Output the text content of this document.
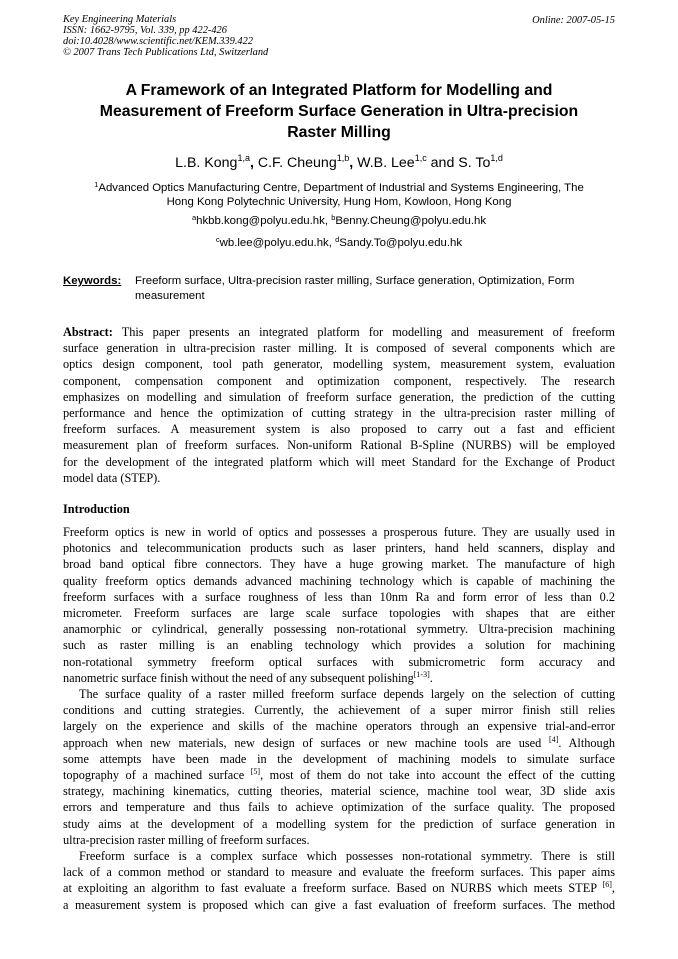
Key Engineering Materials
ISSN: 1662-9795, Vol. 339, pp 422-426
doi:10.4028/www.scientific.net/KEM.339.422
© 2007 Trans Tech Publications Ltd, Switzerland
Online: 2007-05-15
A Framework of an Integrated Platform for Modelling and
Measurement of Freeform Surface Generation in Ultra-precision
Raster Milling
L.B. Kong$^{1,a}$, C.F. Cheung$^{1,b}$, W.B. Lee$^{1,c}$ and S. To$^{1,d}$
$^1$Advanced Optics Manufacturing Centre, Department of Industrial and Systems Engineering, The
Hong Kong Polytechnic University, Hung Hom, Kowloon, Hong Kong
$^a$hkbb.kong@polyu.edu.hk, $^b$Benny.Cheung@polyu.edu.hk
$^c$wb.lee@polyu.edu.hk, $^d$Sandy.To@polyu.edu.hk
Keywords: Freeform surface, Ultra-precision raster milling, Surface generation, Optimization, Form
measurement
Abstract: This paper presents an integrated platform for modelling and measurement of freeform
surface generation in ultra-precision raster milling. It is composed of several components which are
optics design component, tool path generator, modelling system, measurement system, evaluation
component, compensation component and optimization component, respectively. The research
emphasizes on modelling and simulation of freeform surface generation, the prediction of the cutting
performance and hence the optimization of cutting strategy in the ultra-precision raster milling of
freeform surfaces. A measurement system is also proposed to carry out a fast and efficient
measurement plan of freeform surfaces. Non-uniform Rational B-Spline (NURBS) will be employed
for the development of the integrated platform which will meet Standard for the Exchange of Product
model data (STEP).
Introduction
Freeform optics is new in world of optics and possesses a prosperous future. They are usually used in
photonics and telecommunication products such as laser printers, hand held scanners, display and
broad band optical fibre connectors. They have a huge growing market. The manufacture of high
quality freeform optics demands advanced machining technology which is capable of machining the
freeform surfaces with a surface roughness of less than 10nm Ra and form error of less than 0.2
micrometer. Freeform surfaces are large scale surface topologies with shapes that are either
anamorphic or cylindrical, generally possessing non-rotational symmetry. Ultra-precision machining
such as raster milling is an enabling technology which provides a solution for machining
non-rotational symmetry freeform optical surfaces with submicrometric form accuracy and
nanometric surface finish without the need of any subsequent polishing[1-3].
The surface quality of a raster milled freeform surface depends largely on the selection of cutting
conditions and cutting strategies. Currently, the achievement of a super mirror finish still relies
largely on the experience and skills of the machine operators through an expensive trial-and-error
approach when new materials, new design of surfaces or new machine tools are used [4]. Although
some attempts have been made in the development of machining models to simulate surface
topography of a machined surface [5], most of them do not take into account the effect of the cutting
strategy, machining kinematics, cutting theories, material science, machine tool wear, 3D slide axis
errors and temperature and thus fails to achieve optimization of the surface quality. The proposed
study aims at the development of a modelling system for the prediction of surface generation in
ultra-precision raster milling of freeform surfaces.
Freeform surface is a complex surface which possesses non-rotational symmetry. There is still
lack of a common method or standard to measure and evaluate the freeform surfaces. This paper aims
at exploiting an algorithm to fast evaluate a freeform surface. Based on NURBS which meets STEP [6],
a measurement system is proposed which can give a fast evaluation of freeform surfaces. The method
